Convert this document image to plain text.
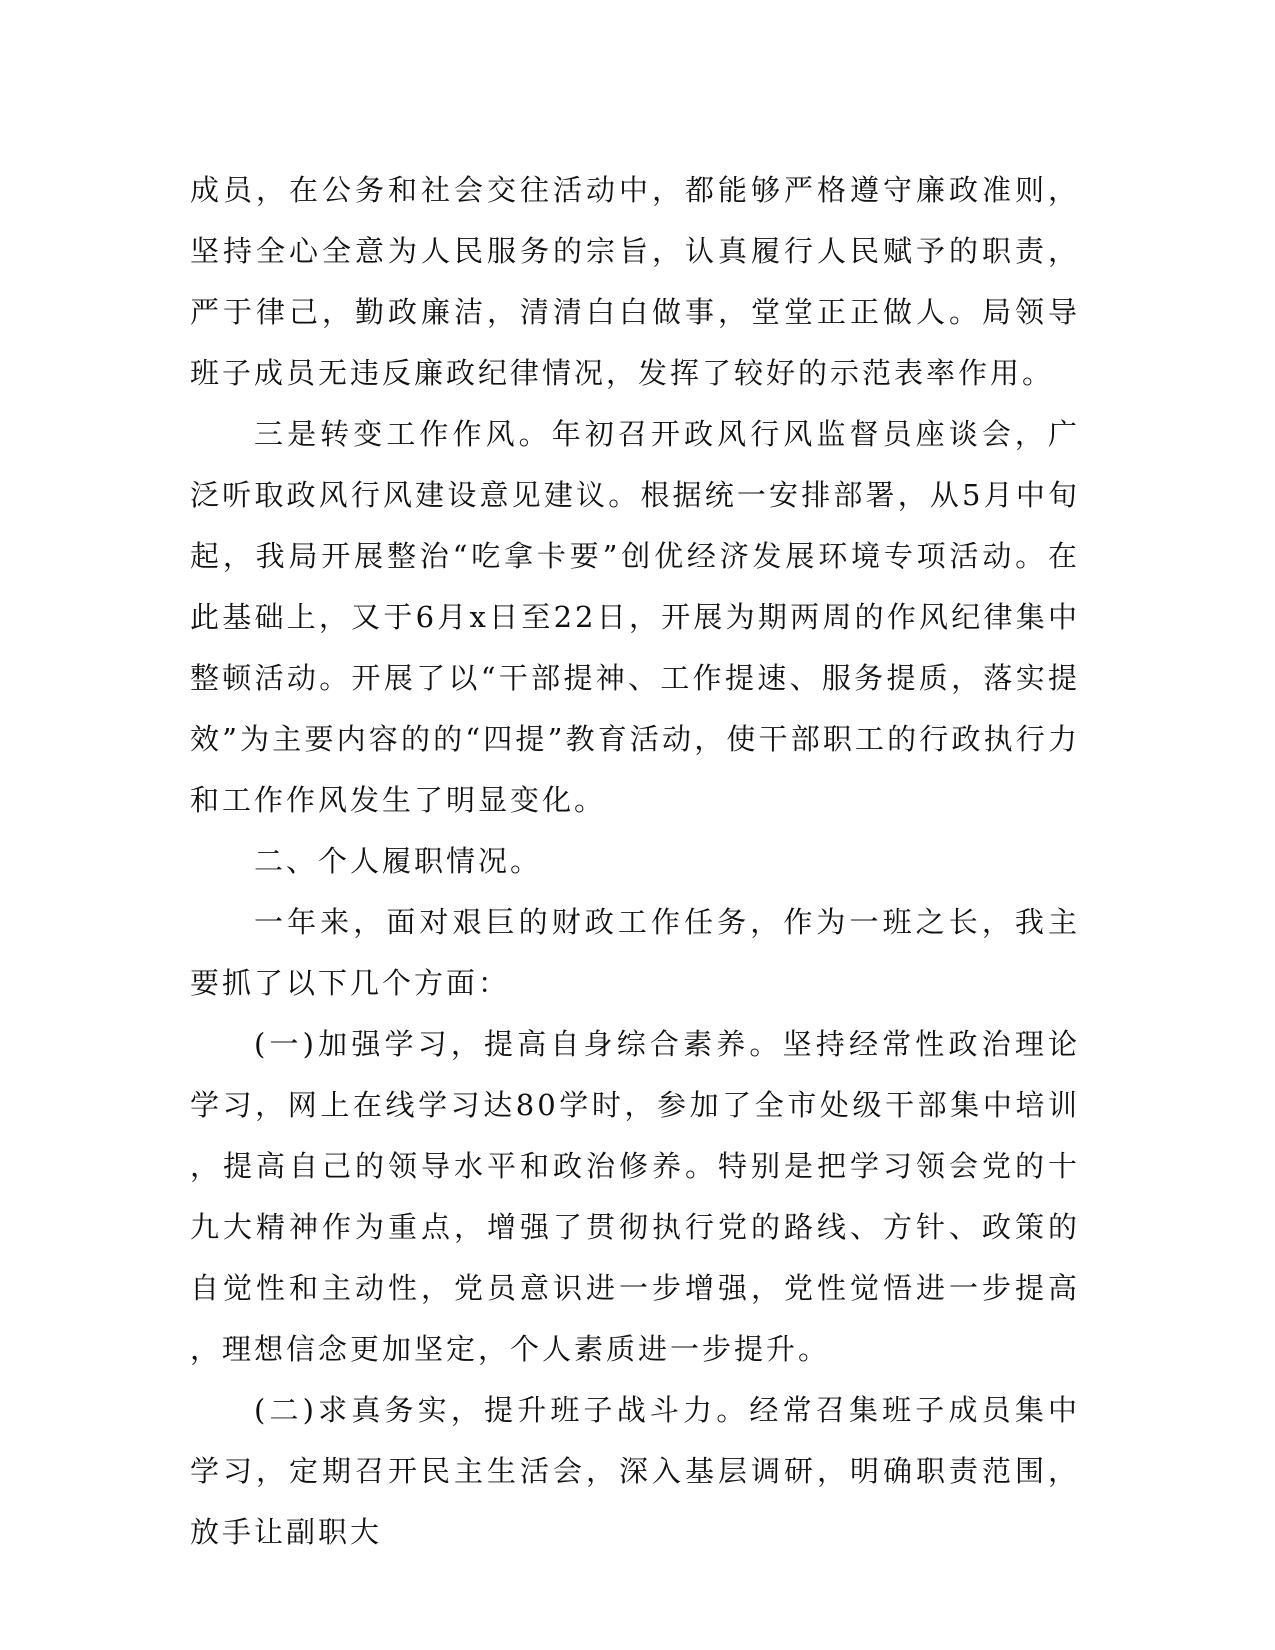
成员，在公务和社会交往活动中，都能够严格遵守廉政准则，坚持全心全意为人民服务的宗旨，认真履行人民赋予的职责，严于律己，勤政廉洁，清清白白做事，堂堂正正做人。局领导班子成员无违反廉政纪律情况，发挥了较好的示范表率作用。

三是转变工作作风。年初召开政风行风监督员座谈会，广泛听取政风行风建设意见建议。根据统一安排部署，从5月中旬起，我局开展整治“吃拿卡要”创优经济发展环境专项活动。在此基础上，又于6月x日至22日，开展为期两周的作风纪律集中整顿活动。开展了以“干部提神、工作提速、服务提质，落实提效”为主要内容的的“四提”教育活动，使干部职工的行政执行力和工作作风发生了明显变化。

二、个人履职情况。

一年来，面对艰巨的财政工作任务，作为一班之长，我主要抓了以下几个方面：

(一)加强学习，提高自身综合素养。坚持经常性政治理论学习，网上在线学习达80学时，参加了全市处级干部集中培训，提高自己的领导水平和政治修养。特别是把学习领会党的十九大精神作为重点，增强了贯彻执行党的路线、方针、政策的自觉性和主动性，党员意识进一步增强，党性觉悟进一步提高，理想信念更加坚定，个人素质进一步提升。

(二)求真务实，提升班子战斗力。经常召集班子成员集中学习，定期召开民主生活会，深入基层调研，明确职责范围，放手让副职大
